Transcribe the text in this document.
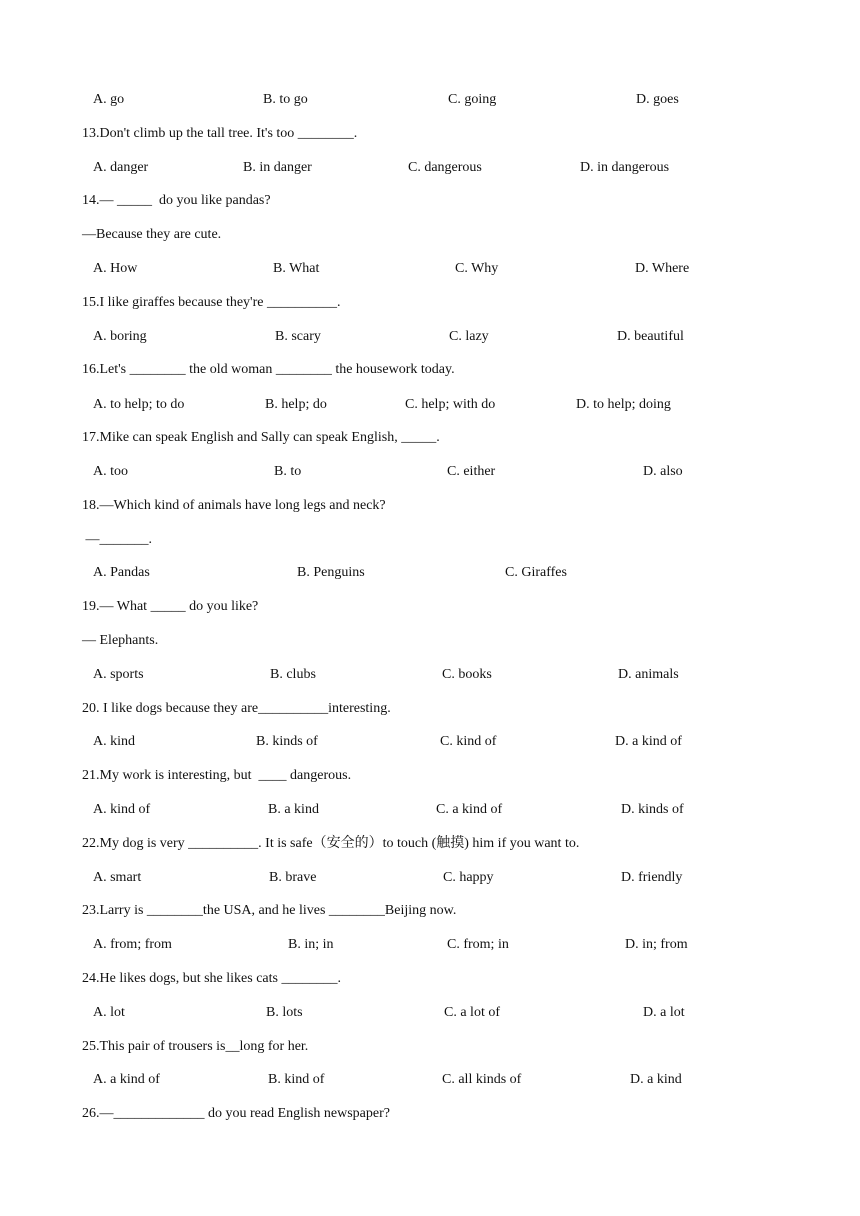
A. go	B. to go	C. going	D. goes
13.Don't climb up the tall tree. It's too ________.
A. danger	B. in danger	C. dangerous	D. in dangerous
14.— _____  do you like pandas?
—Because they are cute.
A. How	B. What	C. Why	D. Where
15.I like giraffes because they're __________.
A. boring	B. scary	C. lazy	D. beautiful
16.Let's ________ the old woman ________ the housework today.
A. to help; to do	B. help; do	C. help; with do	D. to help; doing
17.Mike can speak English and Sally can speak English, _____.
A. too	B. to	C. either	D. also
18.—Which kind of animals have long legs and neck?
—_______.
A. Pandas	B. Penguins	C. Giraffes
19.— What _____ do you like?
— Elephants.
A. sports	B. clubs	C. books	D. animals
20. I like dogs because they are__________interesting.
A. kind	B. kinds of	C. kind of	D. a kind of
21.My work is interesting, but  ____ dangerous.
A. kind of	B. a kind	C. a kind of	D. kinds of
22.My dog is very __________. It is safe（安全的）to touch (触摸) him if you want to.
A. smart	B. brave	C. happy	D. friendly
23.Larry is ________the USA, and he lives ________Beijing now.
A. from; from	B. in; in	C. from; in	D. in; from
24.He likes dogs, but she likes cats ________.
A. lot	B. lots	C. a lot of	D. a lot
25.This pair of trousers is__long for her.
A. a kind of	B. kind of	C. all kinds of	D. a kind
26.—_____________ do you read English newspaper?
